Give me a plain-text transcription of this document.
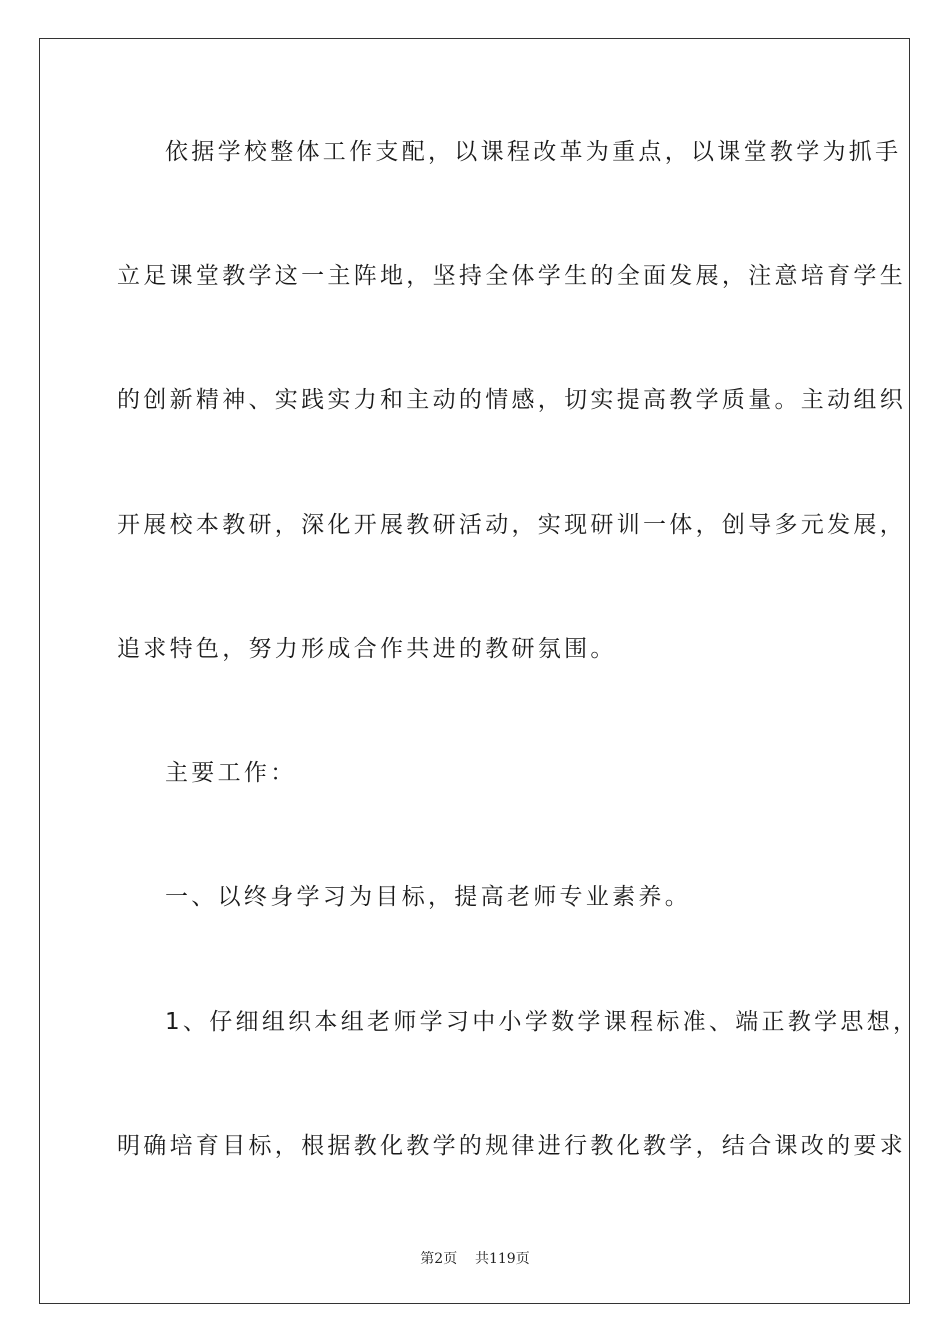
依据学校整体工作支配，以课程改革为重点，以课堂教学为抓手
立足课堂教学这一主阵地，坚持全体学生的全面发展，注意培育学生
的创新精神、实践实力和主动的情感，切实提高教学质量。主动组织
开展校本教研，深化开展教研活动，实现研训一体，创导多元发展，
追求特色，努力形成合作共进的教研氛围。
主要工作：
一、以终身学习为目标，提高老师专业素养。
1、仔细组织本组老师学习中小学数学课程标准、端正教学思想，
明确培育目标，根据教化教学的规律进行教化教学，结合课改的要求
第2页    共119页
